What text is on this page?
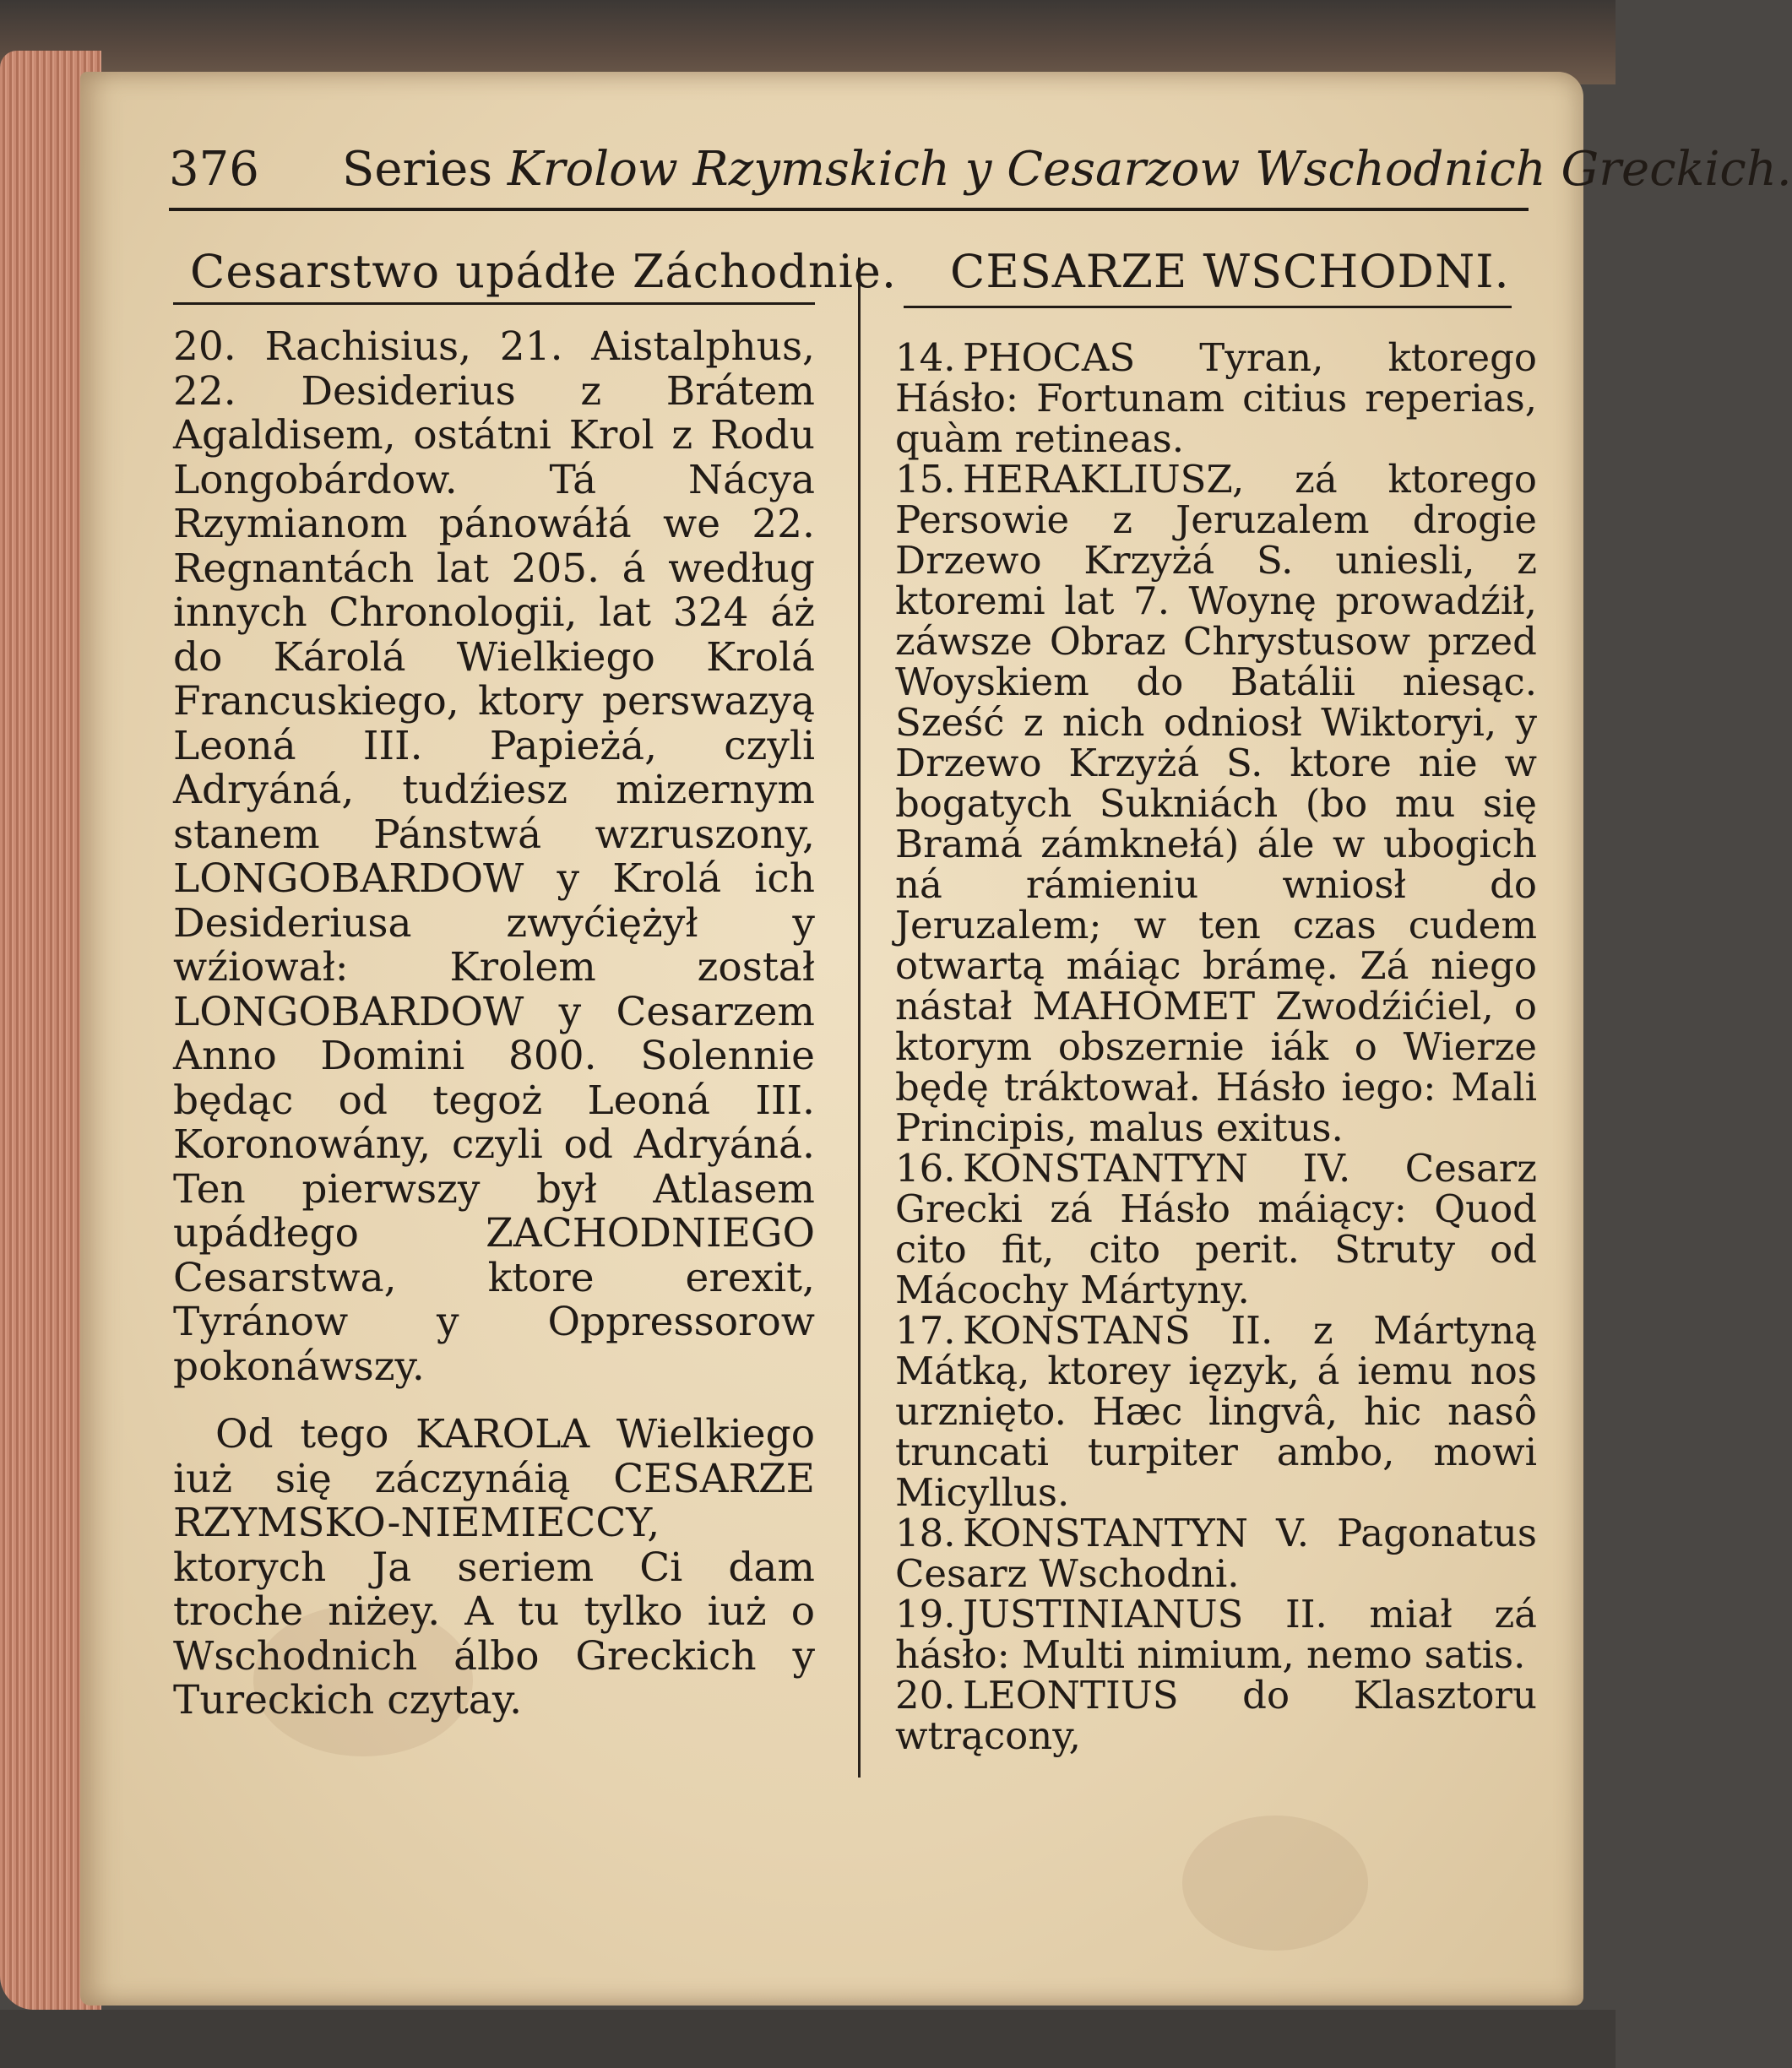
376 Series Krolow Rzymskich y Cesarzow Wschodnich Greckich.
Cesarstwo upádłe Záchodnie. CESARZE WSCHODNI.

20. Rachisius, 21. Aistalphus, 22. Desiderius z Brátem Agaldisem, ostátni Krol z Rodu Longobárdow. Tá Nácya Rzymianom pánowáłá we 22. Regnantách lat 205. á według innych Chronologii, lat 324 áż do Károlá Wielkiego Krolá Francuskiego, ktory perswazyą Leoná III. Papieżá, czyli Adryáná, tudźiesz mizernym stanem Pánstwá wzruszony, LONGOBARDOW y Krolá ich Desideriusa zwyćiężył y wźiował: Krolem został LONGOBARDOW y Cesarzem Anno Domini 800. Solennie będąc od tegoż Leoná III. Koronowány, czyli od Adryáná. Ten pierwszy był Atlasem upádłego ZACHODNIEGO Cesarstwa, ktore erexit, Tyránow y Oppressorow pokonáwszy.

Od tego KAROLA Wielkiego iuż się záczynáią CESARZE RZYMSKO-NIEMIECCY, ktorych Ja seriem Ci dam troche niżey. A tu tylko iuż o Wschodnich álbo Greckich y Tureckich czytay.

14. PHOCAS Tyran, ktorego Hásło: Fortunam citius reperias, quàm retineas.

15. HERAKLIUSZ, zá ktorego Persowie z Jeruzalem drogie Drzewo Krzyżá S. uniesli, z ktoremi lat 7. Woynę prowadźił, záwsze Obraz Chrystusow przed Woyskiem do Batálii niesąc. Sześć z nich odniosł Wiktoryi, y Drzewo Krzyżá S. ktore nie w bogatych Sukniách (bo mu się Bramá zámknełá) ále w ubogich ná rámieniu wniosł do Jeruzalem; w ten czas cudem otwartą máiąc brámę. Zá niego nástał MAHOMET Zwodźićiel, o ktorym obszernie iák o Wierze będę tráktował. Hásło iego: Mali Principis, malus exitus.

16. KONSTANTYN IV. Cesarz Grecki zá Hásło máiący: Quod cito fit, cito perit. Struty od Mácochy Mártyny.

17. KONSTANS II. z Mártyną Mátką, ktorey ięzyk, á iemu nos urznięto. Hæc lingvâ, hic nasô truncati turpiter ambo, mowi Micyllus.

18. KONSTANTYN V. Pagonatus Cesarz Wschodni.

19. JUSTINIANUS II. miał zá hásło: Multi nimium, nemo satis.

20. LEONTIUS do Klasztoru wtrącony,
